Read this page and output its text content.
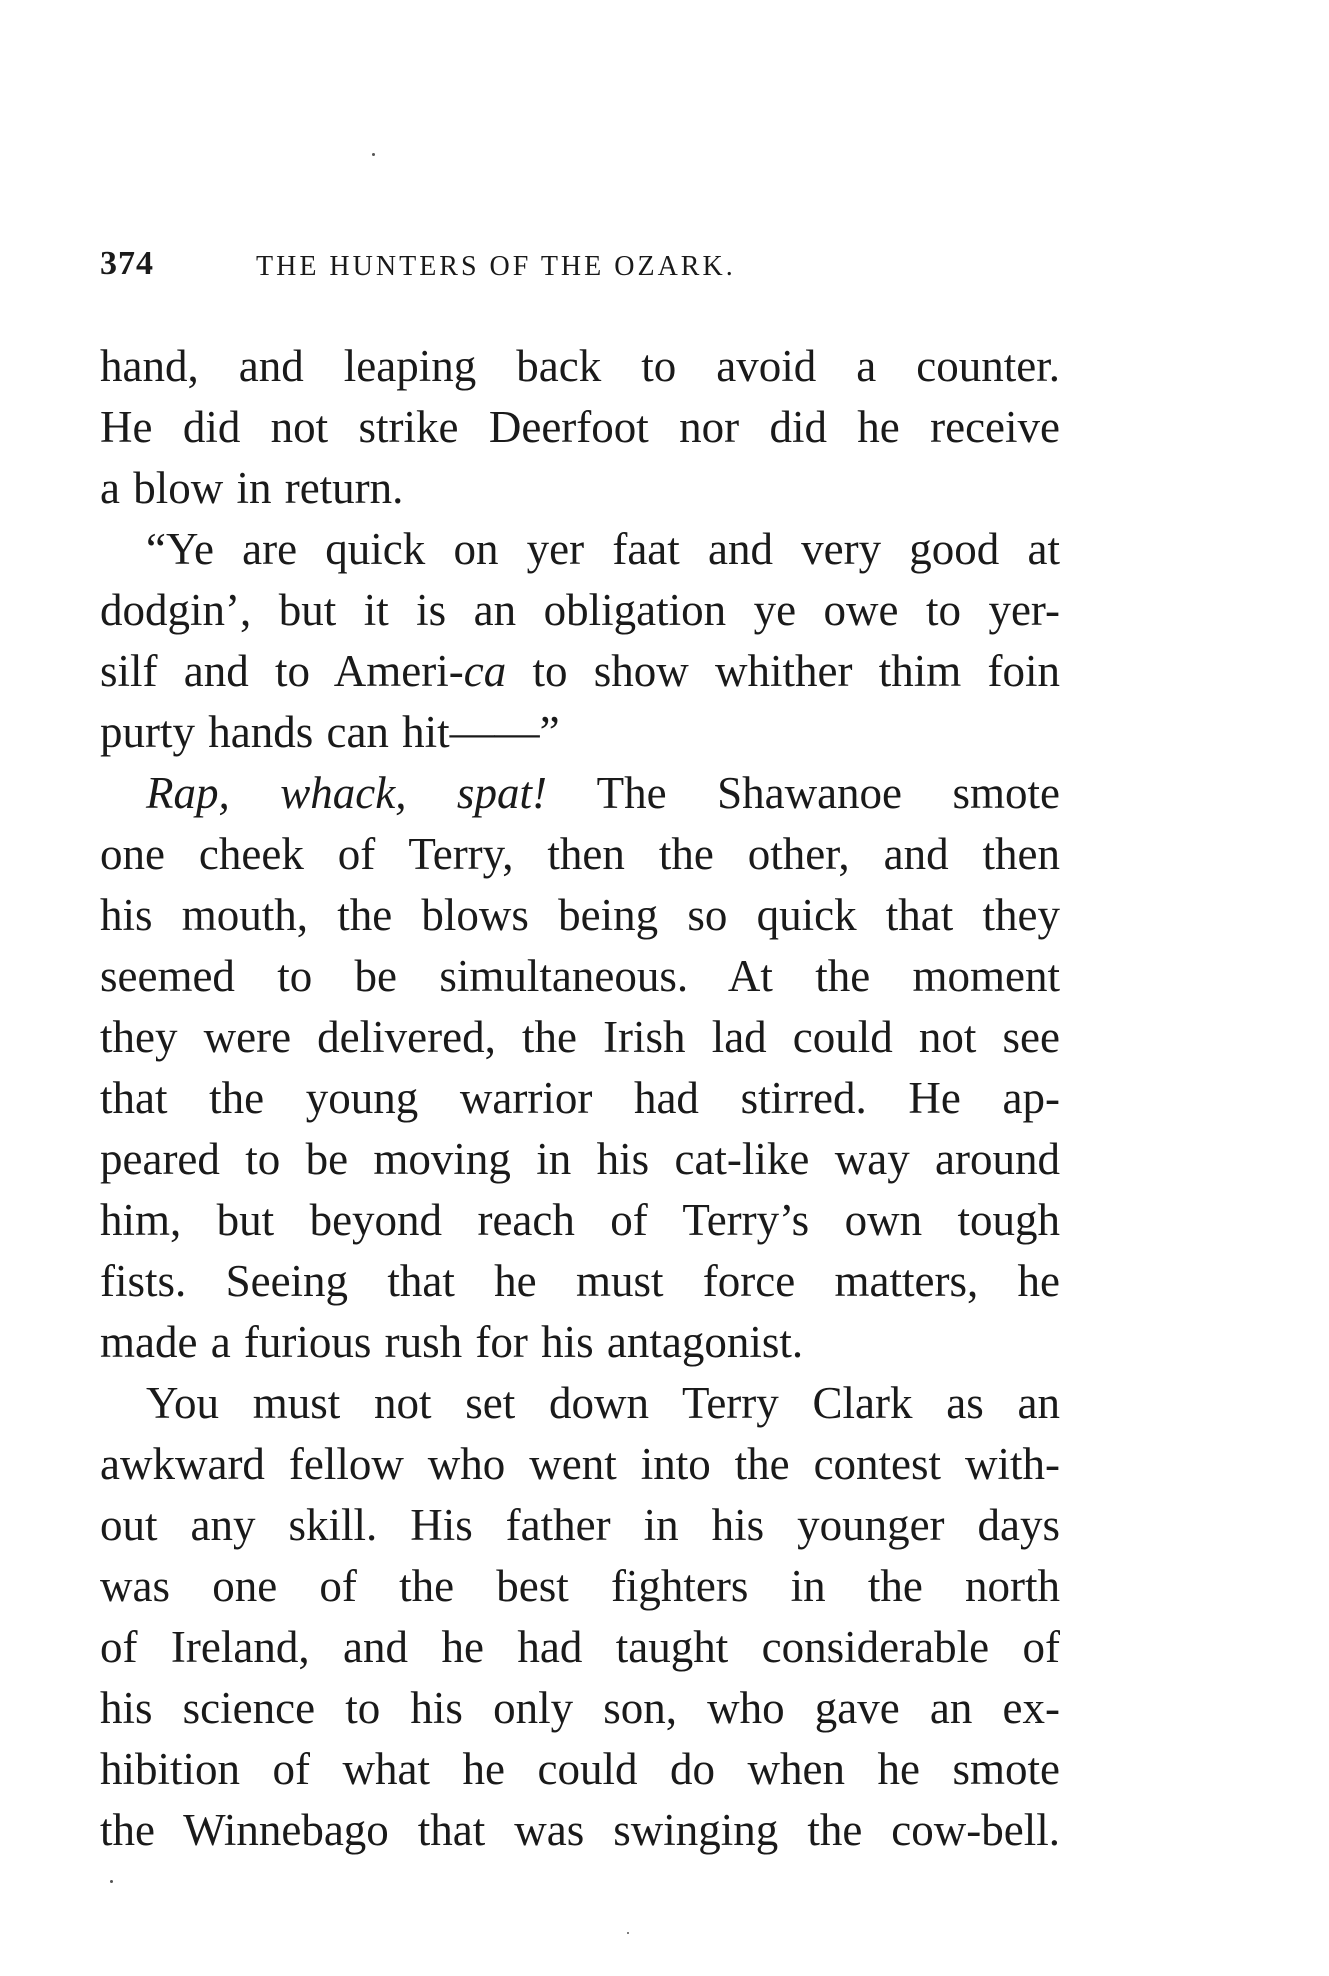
374	THE HUNTERS OF THE OZARK.
hand, and leaping back to avoid a counter.
He did not strike Deerfoot nor did he receive
a blow in return.
“Ye are quick on yer faat and very good at
dodgin’, but it is an obligation ye owe to yer-
silf and to Ameri-ca to show whither thim foin
purty hands can hit——”
Rap, whack, spat! The Shawanoe smote
one cheek of Terry, then the other, and then
his mouth, the blows being so quick that they
seemed to be simultaneous. At the moment
they were delivered, the Irish lad could not see
that the young warrior had stirred. He ap-
peared to be moving in his cat-like way around
him, but beyond reach of Terry’s own tough
fists. Seeing that he must force matters, he
made a furious rush for his antagonist.
You must not set down Terry Clark as an
awkward fellow who went into the contest with-
out any skill. His father in his younger days
was one of the best fighters in the north
of Ireland, and he had taught considerable of
his science to his only son, who gave an ex-
hibition of what he could do when he smote
the Winnebago that was swinging the cow-bell.
